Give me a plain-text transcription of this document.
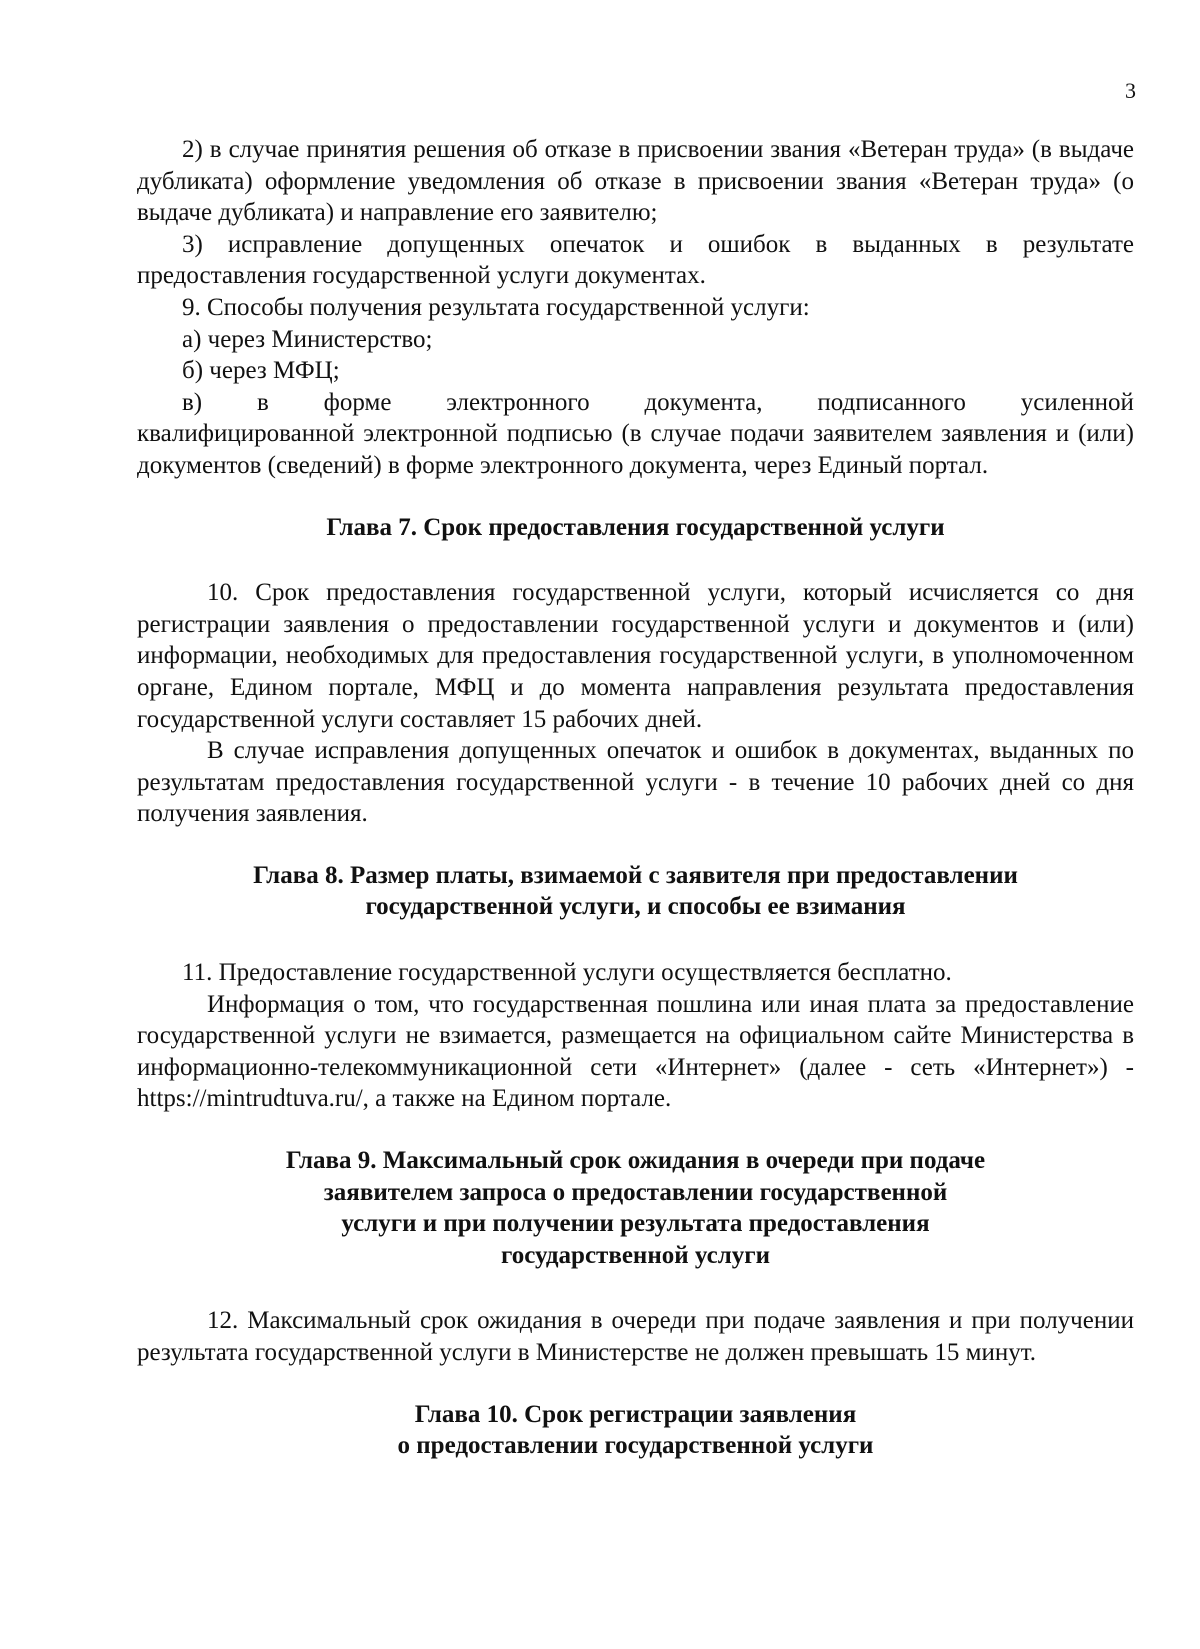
3

2) в случае принятия решения об отказе в присвоении звания «Ветеран труда» (в выдаче дубликата) оформление уведомления об отказе в присвоении звания «Ветеран труда» (о выдаче дубликата) и направление его заявителю;

3) исправление допущенных опечаток и ошибок в выданных в результате предоставления государственной услуги документах.

9. Способы получения результата государственной услуги:

а) через Министерство;

б) через МФЦ;

в) в форме электронного документа, подписанного усиленной

квалифицированной электронной подписью (в случае подачи заявителем заявления и (или) документов (сведений) в форме электронного документа, через Единый портал.

Глава 7. Срок предоставления государственной услуги

10. Срок предоставления государственной услуги, который исчисляется со дня регистрации заявления о предоставлении государственной услуги и документов и (или) информации, необходимых для предоставления государственной услуги, в уполномоченном органе, Едином портале, МФЦ и до момента направления результата предоставления государственной услуги составляет 15 рабочих дней.

В случае исправления допущенных опечаток и ошибок в документах, выданных по результатам предоставления государственной услуги - в течение 10 рабочих дней со дня получения заявления.

Глава 8. Размер платы, взимаемой с заявителя при предоставлении
государственной услуги, и способы ее взимания

11. Предоставление государственной услуги осуществляется бесплатно.

Информация о том, что государственная пошлина или иная плата за предоставление государственной услуги не взимается, размещается на официальном сайте Министерства в информационно-телекоммуникационной сети «Интернет» (далее - сеть «Интернет») - https://mintrudtuva.ru/, а также на Едином портале.

Глава 9. Максимальный срок ожидания в очереди при подаче
заявителем запроса о предоставлении государственной
услуги и при получении результата предоставления
государственной услуги

12. Максимальный срок ожидания в очереди при подаче заявления и при получении результата государственной услуги в Министерстве не должен превышать 15 минут.

Глава 10. Срок регистрации заявления
о предоставлении государственной услуги
